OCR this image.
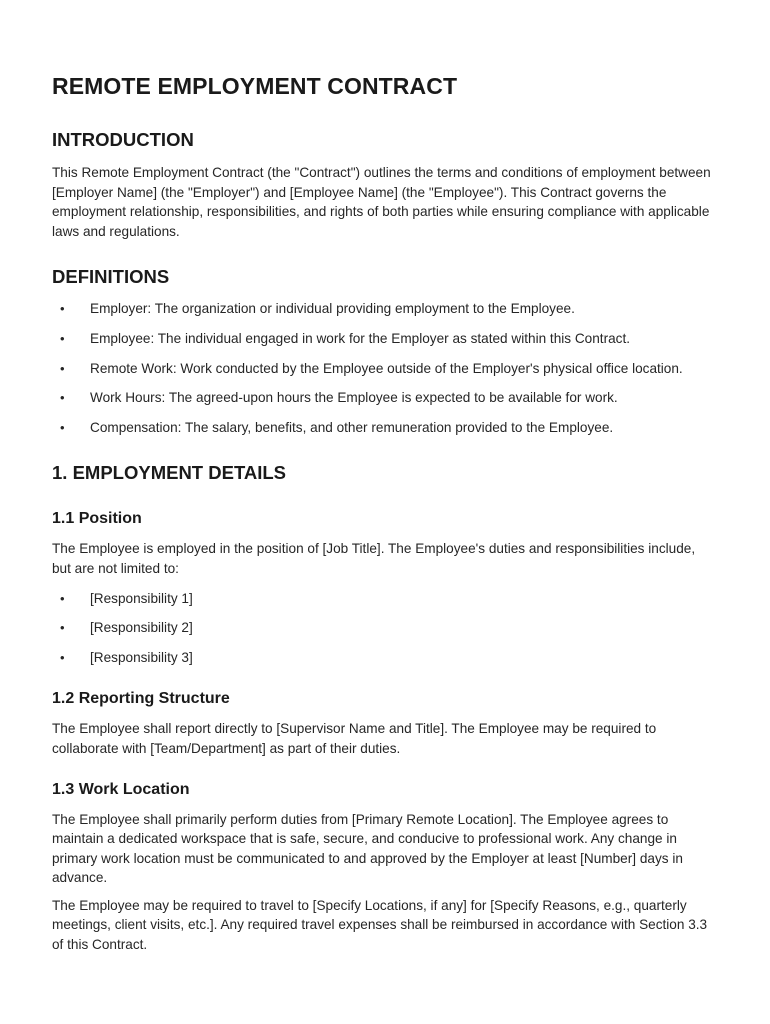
REMOTE EMPLOYMENT CONTRACT
INTRODUCTION

This Remote Employment Contract (the "Contract") outlines the terms and conditions of employment between [Employer Name] (the "Employer") and [Employee Name] (the "Employee"). This Contract governs the employment relationship, responsibilities, and rights of both parties while ensuring compliance with applicable laws and regulations.

DEFINITIONS
• Employer: The organization or individual providing employment to the Employee.
• Employee: The individual engaged in work for the Employer as stated within this Contract.
• Remote Work: Work conducted by the Employee outside of the Employer's physical office location.
• Work Hours: The agreed-upon hours the Employee is expected to be available for work.
• Compensation: The salary, benefits, and other remuneration provided to the Employee.
1. EMPLOYMENT DETAILS
1.1 Position

The Employee is employed in the position of [Job Title]. The Employee's duties and responsibilities include, but are not limited to:

• [Responsibility 1]
• [Responsibility 2]
• [Responsibility 3]
1.2 Reporting Structure

The Employee shall report directly to [Supervisor Name and Title]. The Employee may be required to collaborate with [Team/Department] as part of their duties.

1.3 Work Location

The Employee shall primarily perform duties from [Primary Remote Location]. The Employee agrees to maintain a dedicated workspace that is safe, secure, and conducive to professional work. Any change in primary work location must be communicated to and approved by the Employer at least [Number] days in advance.

The Employee may be required to travel to [Specify Locations, if any] for [Specify Reasons, e.g., quarterly meetings, client visits, etc.]. Any required travel expenses shall be reimbursed in accordance with Section 3.3 of this Contract.
